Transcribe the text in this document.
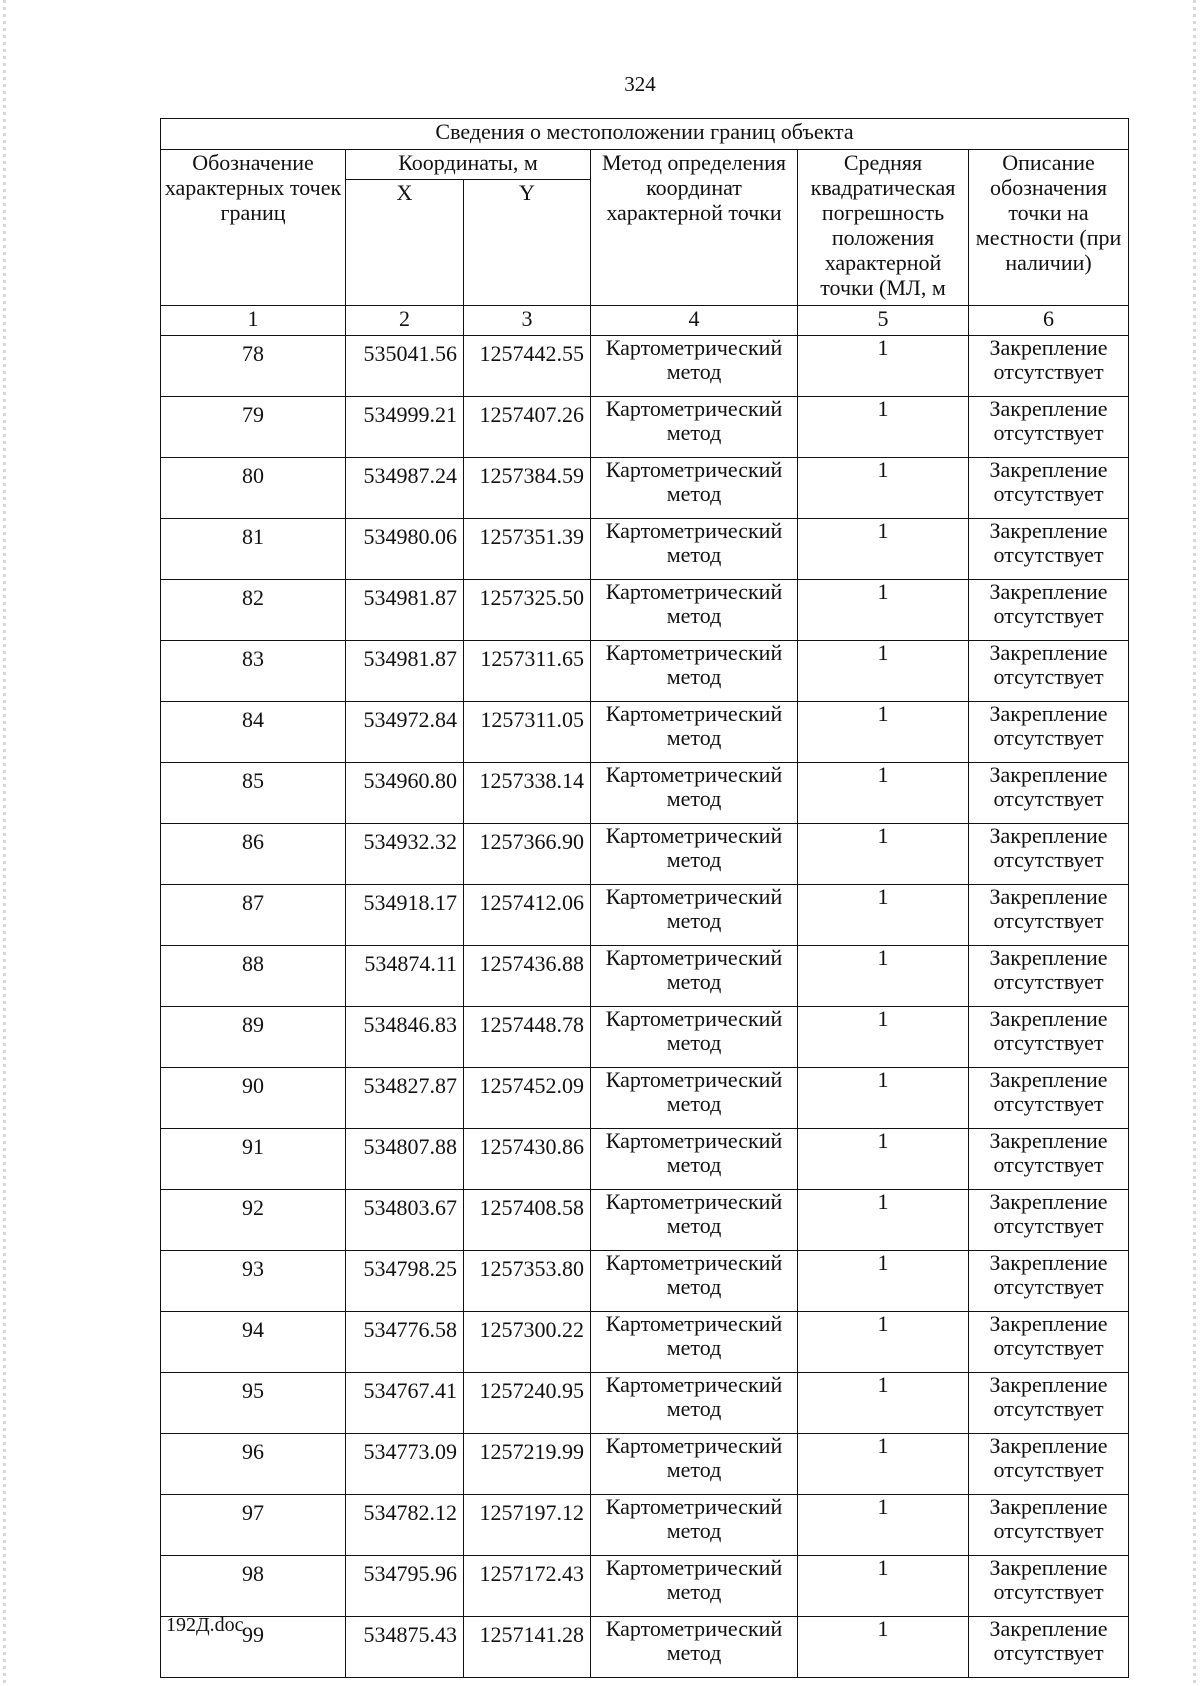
324
Сведения о местоположении границ объекта					
Обозначение характерных точек границ	Координаты, м		Метод определения координат характерной точки	Средняя квадратическая погрешность положения характерной точки (МЛ, м	Описание обозначения точки на местности (при наличии)
	X	Y			
1	2	3	4	5	6
78	535041.56	1257442.55	Картометрический метод	1	Закрепление отсутствует
79	534999.21	1257407.26	Картометрический метод	1	Закрепление отсутствует
80	534987.24	1257384.59	Картометрический метод	1	Закрепление отсутствует
81	534980.06	1257351.39	Картометрический метод	1	Закрепление отсутствует
82	534981.87	1257325.50	Картометрический метод	1	Закрепление отсутствует
83	534981.87	1257311.65	Картометрический метод	1	Закрепление отсутствует
84	534972.84	1257311.05	Картометрический метод	1	Закрепление отсутствует
85	534960.80	1257338.14	Картометрический метод	1	Закрепление отсутствует
86	534932.32	1257366.90	Картометрический метод	1	Закрепление отсутствует
87	534918.17	1257412.06	Картометрический метод	1	Закрепление отсутствует
88	534874.11	1257436.88	Картометрический метод	1	Закрепление отсутствует
89	534846.83	1257448.78	Картометрический метод	1	Закрепление отсутствует
90	534827.87	1257452.09	Картометрический метод	1	Закрепление отсутствует
91	534807.88	1257430.86	Картометрический метод	1	Закрепление отсутствует
92	534803.67	1257408.58	Картометрический метод	1	Закрепление отсутствует
93	534798.25	1257353.80	Картометрический метод	1	Закрепление отсутствует
94	534776.58	1257300.22	Картометрический метод	1	Закрепление отсутствует
95	534767.41	1257240.95	Картометрический метод	1	Закрепление отсутствует
96	534773.09	1257219.99	Картометрический метод	1	Закрепление отсутствует
97	534782.12	1257197.12	Картометрический метод	1	Закрепление отсутствует
98	534795.96	1257172.43	Картометрический метод	1	Закрепление отсутствует
99	534875.43	1257141.28	Картометрический метод	1	Закрепление отсутствует
192Д.doc
